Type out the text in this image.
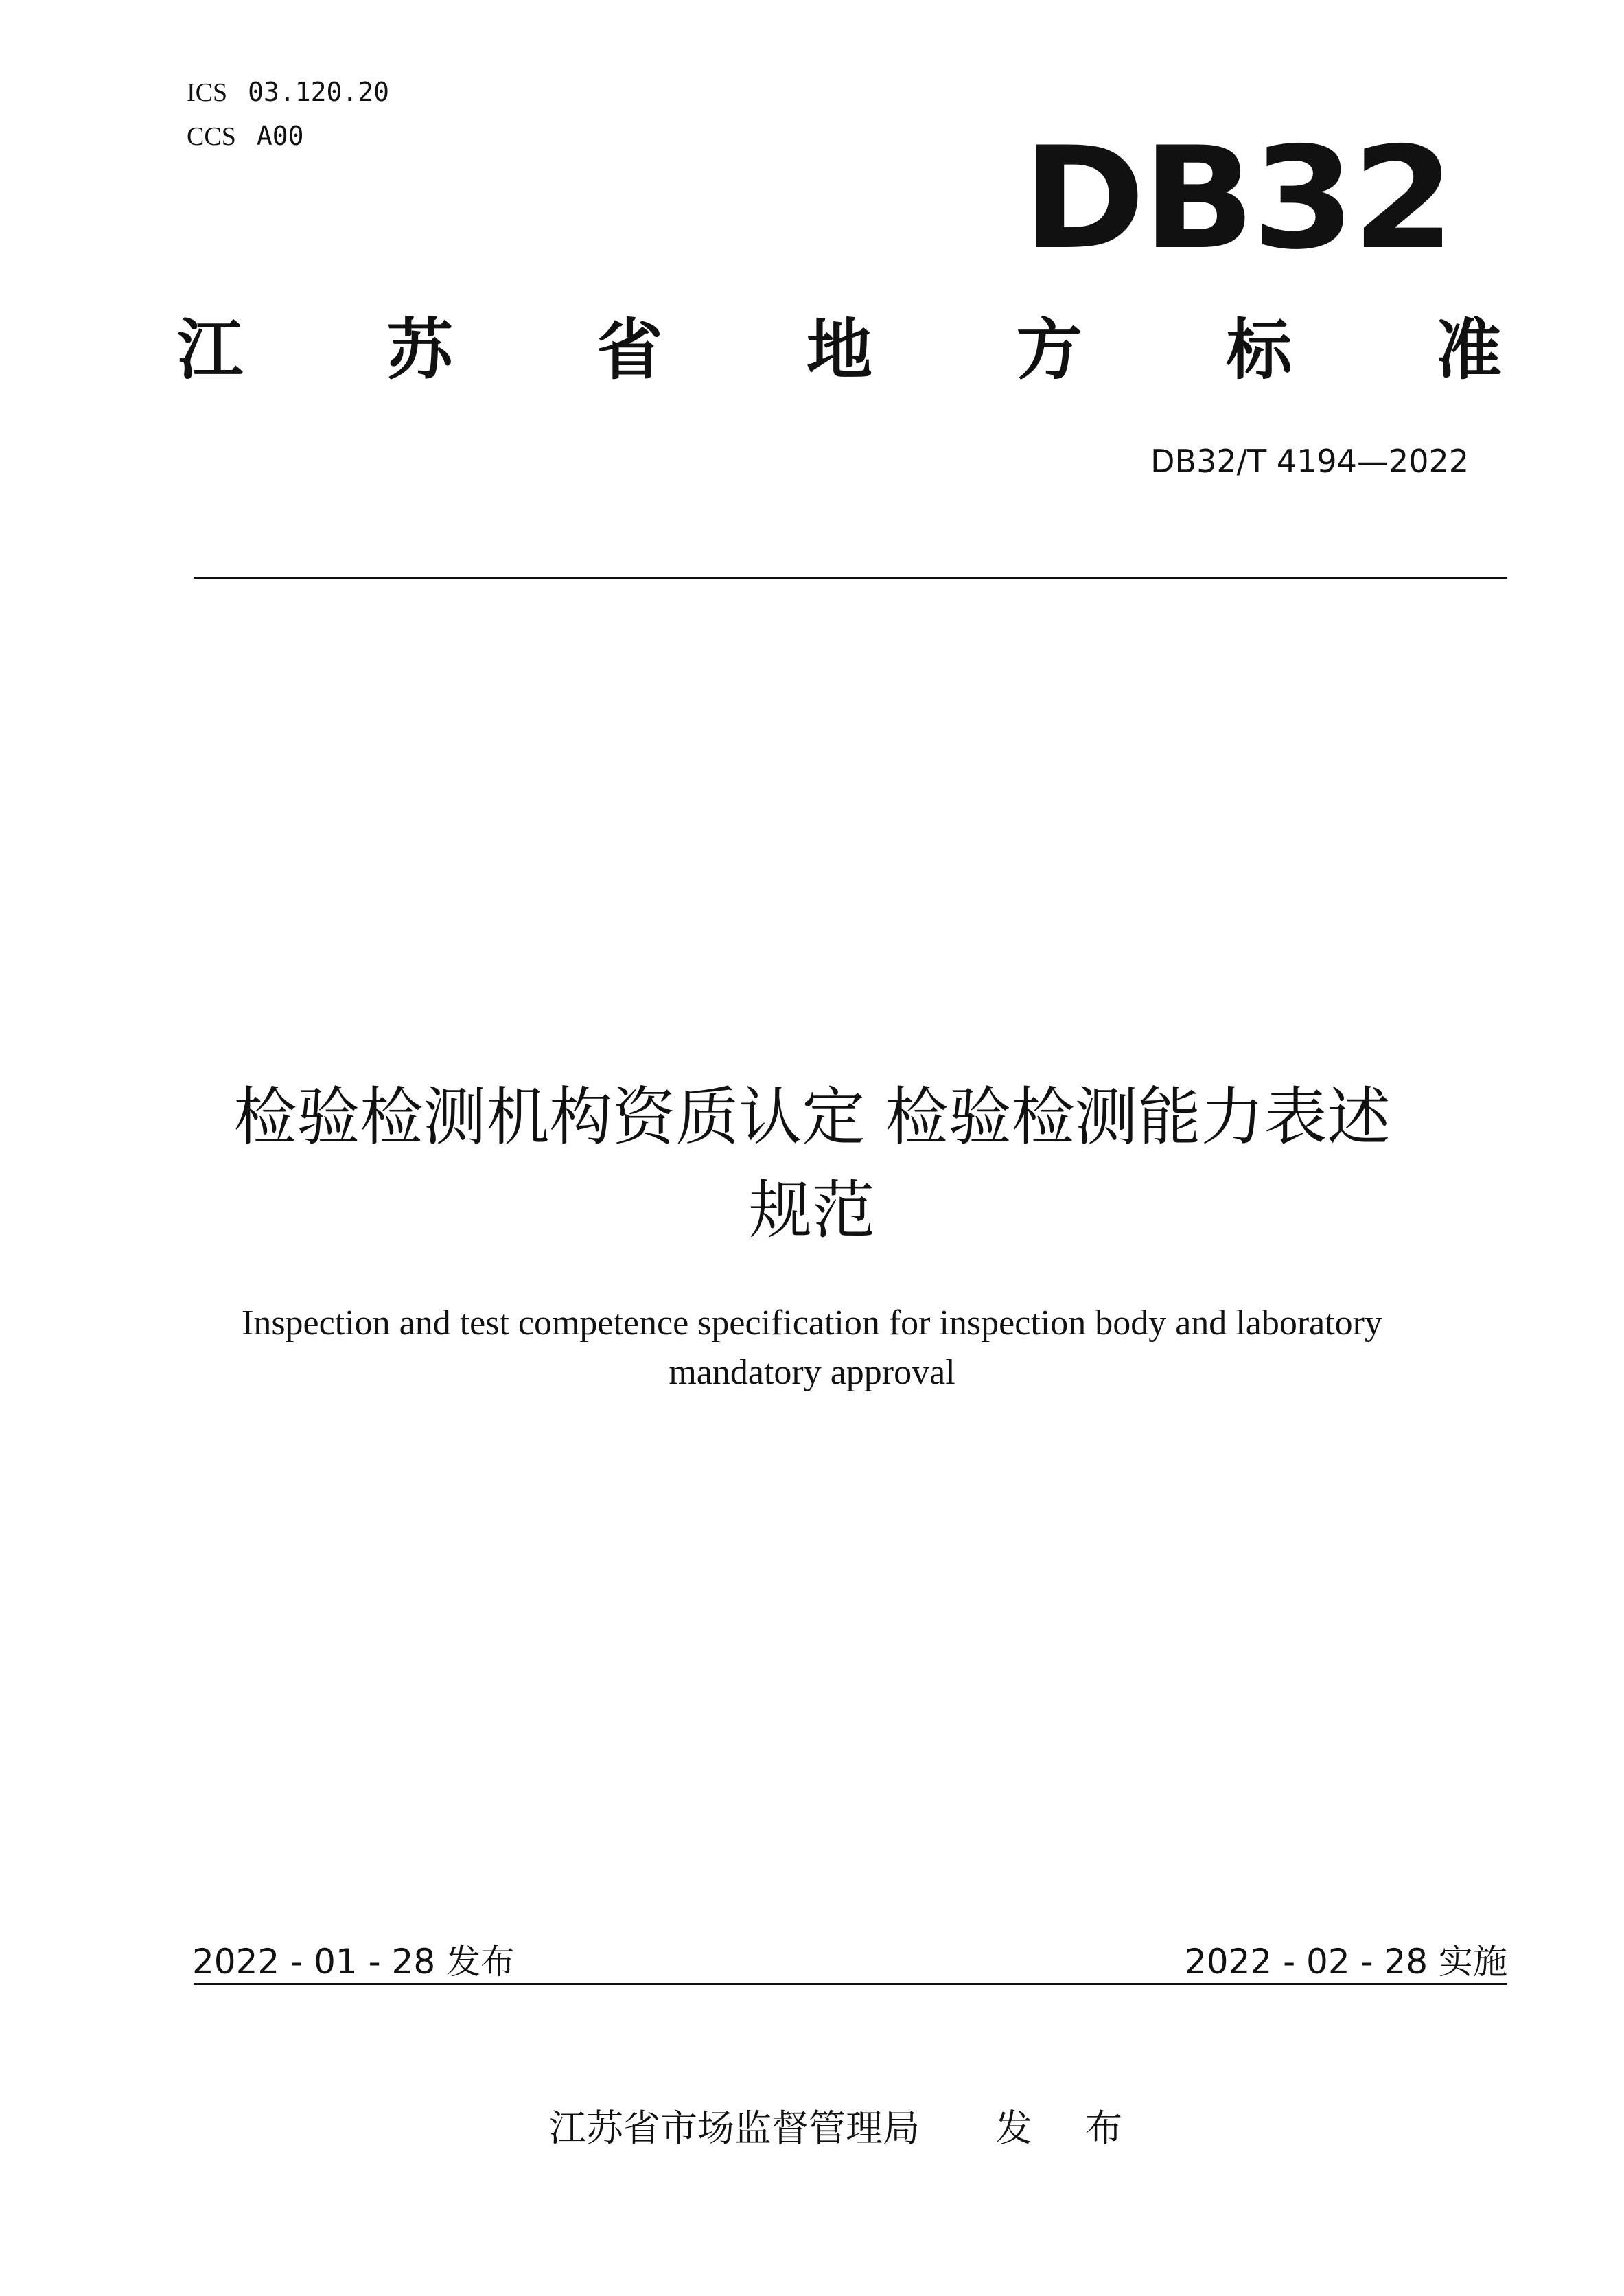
ICS 03.120.20
CCS A00	DB32
江 苏 省 地 方 标 准
DB32/T 4194—2022
检验检测机构资质认定 检验检测能力表述
规范
Inspection and test competence specification for inspection body and laboratory
mandatory approval
2022 - 01 - 28 发布	2022 - 02 - 28 实施
江苏省市场监督管理局 发 布
